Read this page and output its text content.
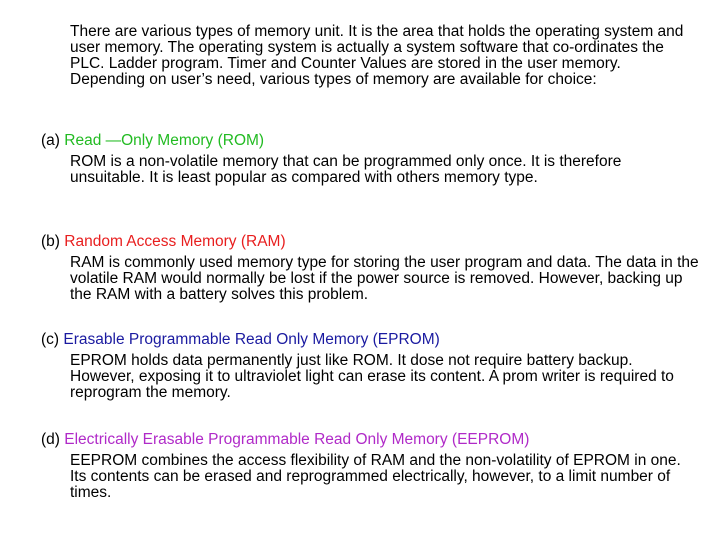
There are various types of memory unit. It is the area that holds the operating system and user memory. The operating system is actually a system software that co-ordinates the PLC. Ladder program. Timer and Counter Values are stored in the user memory. Depending on user’s need, various types of memory are available for choice:

(a) Read —Only Memory (ROM)

ROM is a non-volatile memory that can be programmed only once. It is therefore unsuitable. It is least popular as compared with others memory type.

(b) Random Access Memory (RAM)

RAM is commonly used memory type for storing the user program and data. The data in the volatile RAM would normally be lost if the power source is removed. However, backing up the RAM with a battery solves this problem.

(c) Erasable Programmable Read Only Memory (EPROM)

EPROM holds data permanently just like ROM. It dose not require battery backup. However, exposing it to ultraviolet light can erase its content. A prom writer is required to reprogram the memory.

(d) Electrically Erasable Programmable Read Only Memory (EEPROM)

EEPROM combines the access flexibility of RAM and the non-volatility of EPROM in one. Its contents can be erased and reprogrammed electrically, however, to a limit number of times.
